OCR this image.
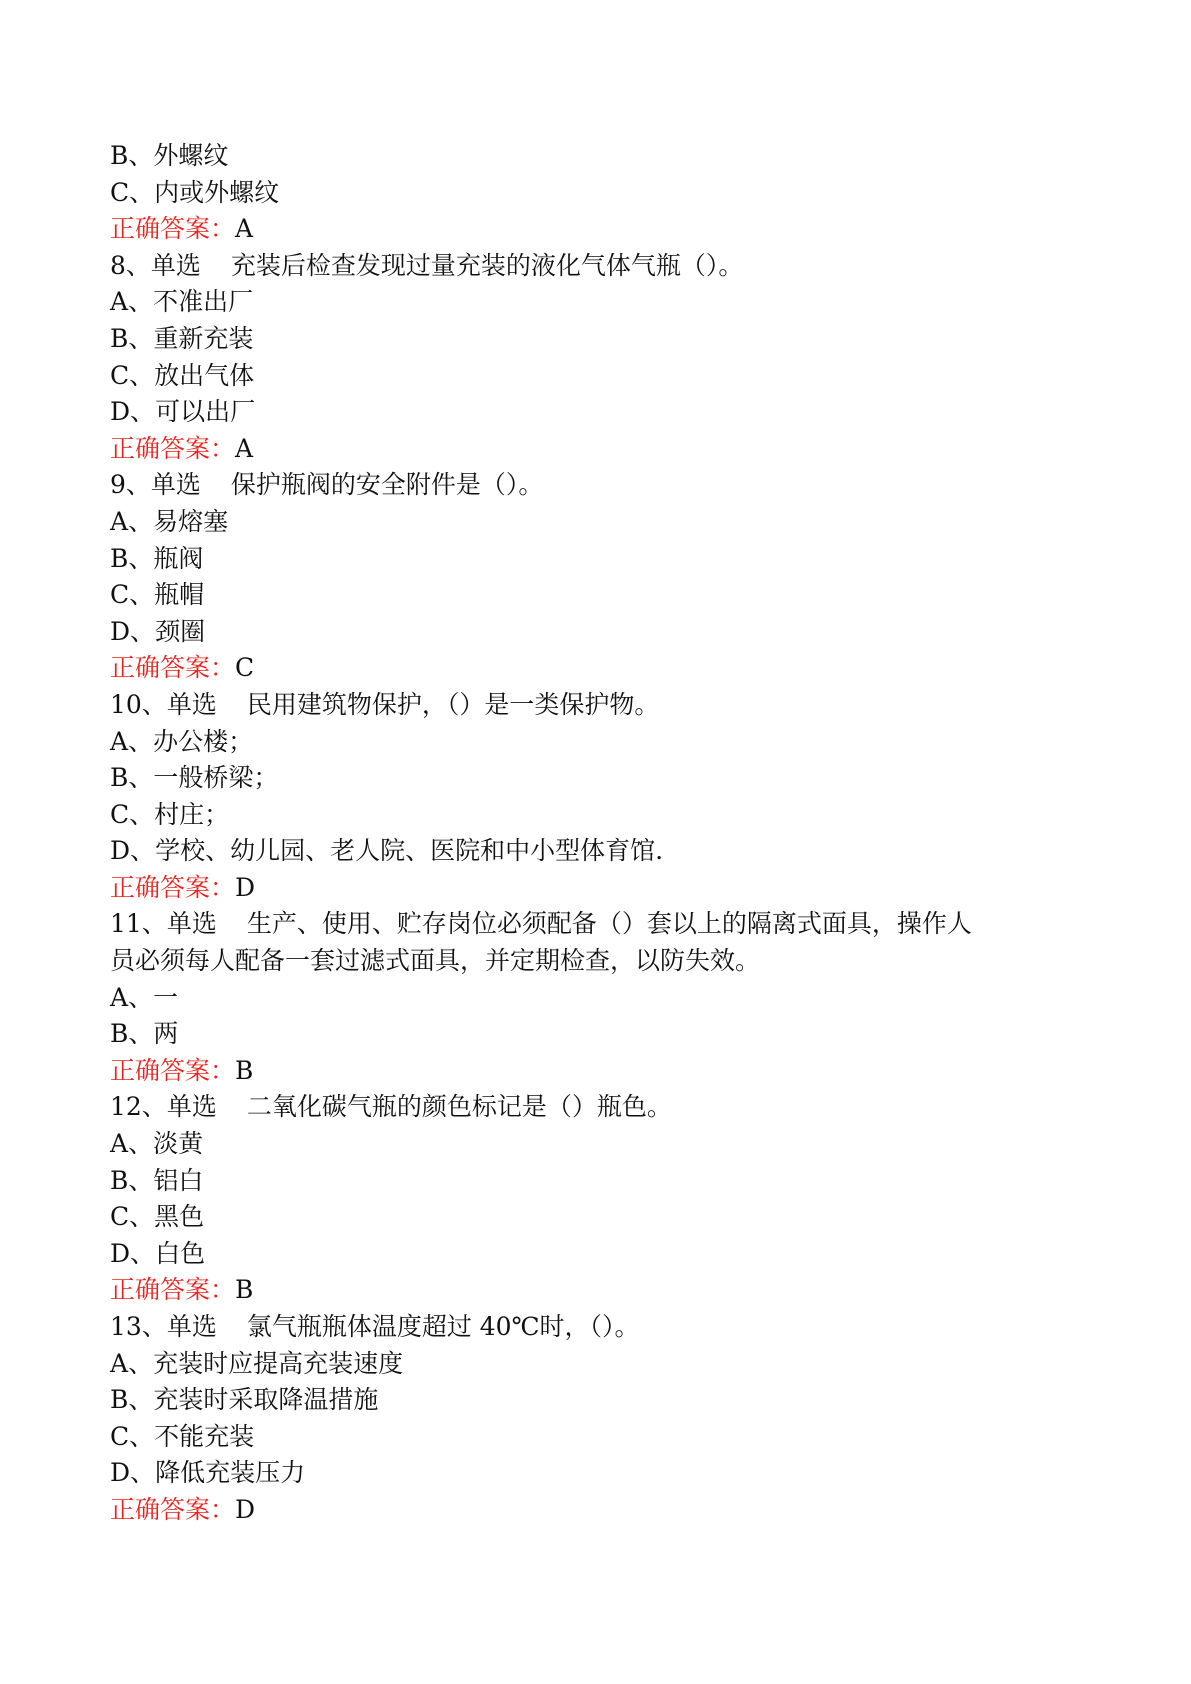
B、外螺纹
C、内或外螺纹
正确答案：A
8、单选 充装后检查发现过量充装的液化气体气瓶（）。
A、不准出厂
B、重新充装
C、放出气体
D、可以出厂
正确答案：A
9、单选 保护瓶阀的安全附件是（）。
A、易熔塞
B、瓶阀
C、瓶帽
D、颈圈
正确答案：C
10、单选 民用建筑物保护，（）是一类保护物。
A、办公楼；
B、一般桥梁；
C、村庄；
D、学校、幼儿园、老人院、医院和中小型体育馆.
正确答案：D
11、单选 生产、使用、贮存岗位必须配备（）套以上的隔离式面具，操作人
员必须每人配备一套过滤式面具，并定期检查，以防失效。
A、一
B、两
正确答案：B
12、单选 二氧化碳气瓶的颜色标记是（）瓶色。
A、淡黄
B、铝白
C、黑色
D、白色
正确答案：B
13、单选 氯气瓶瓶体温度超过 40℃时，（）。
A、充装时应提高充装速度
B、充装时采取降温措施
C、不能充装
D、降低充装压力
正确答案：D
